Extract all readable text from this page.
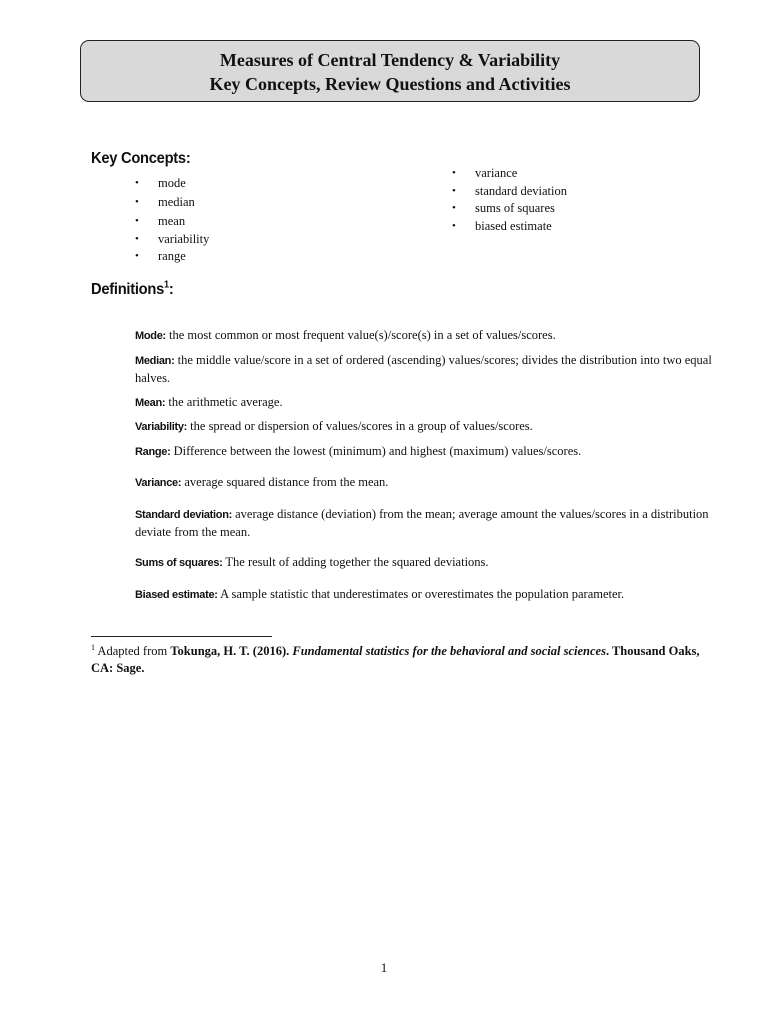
Measures of Central Tendency & Variability
Key Concepts, Review Questions and Activities
Key Concepts:
• mode
• median
• mean
• variability
• range
• variance
• standard deviation
• sums of squares
• biased estimate
Definitions$^1$:

Mode: the most common or most frequent value(s)/score(s) in a set of values/scores.

Median: the middle value/score in a set of ordered (ascending) values/scores; divides the distribution into two equal halves.

Mean: the arithmetic average.

Variability: the spread or dispersion of values/scores in a group of values/scores.

Range: Difference between the lowest (minimum) and highest (maximum) values/scores.

Variance: average squared distance from the mean.

Standard deviation: average distance (deviation) from the mean; average amount the values/scores in a distribution deviate from the mean.

Sums of squares: The result of adding together the squared deviations.

Biased estimate: A sample statistic that underestimates or overestimates the population parameter.

$^1$ Adapted from Tokunga, H. T. (2016). Fundamental statistics for the behavioral and social sciences. Thousand Oaks, CA: Sage.

1
